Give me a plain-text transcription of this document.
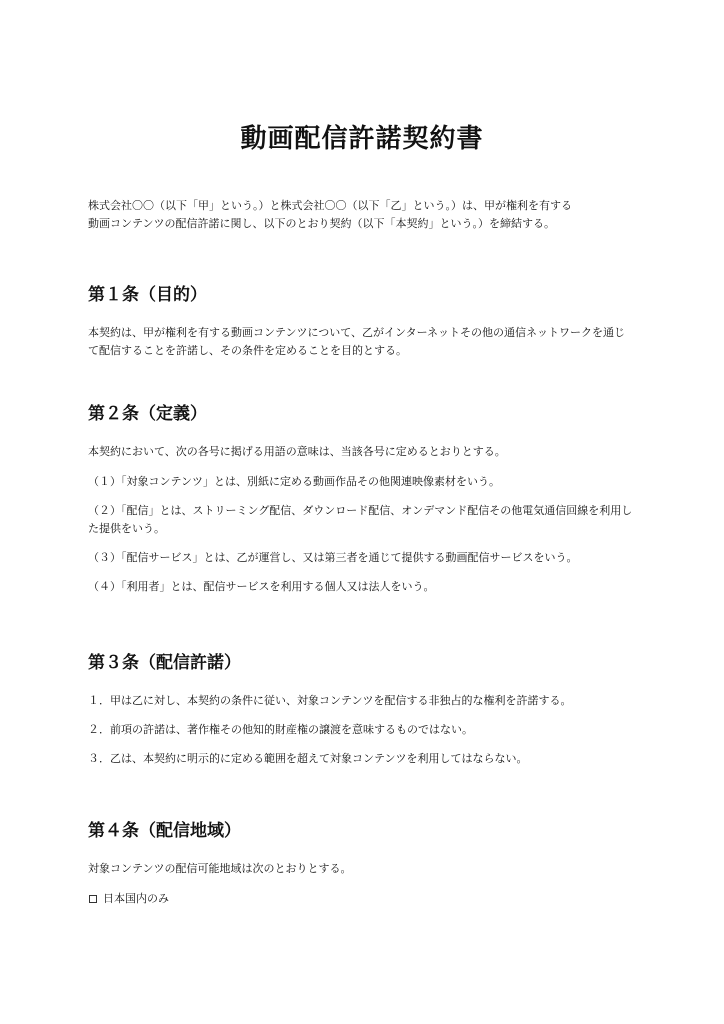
動画配信許諾契約書
株式会社〇〇（以下「甲」という。）と株式会社〇〇（以下「乙」という。）は、甲が権利を有する
動画コンテンツの配信許諾に関し、以下のとおり契約（以下「本契約」という。）を締結する。
第１条（目的）

本契約は、甲が権利を有する動画コンテンツについて、乙がインターネットその他の通信ネットワークを通じて配信することを許諾し、その条件を定めることを目的とする。

第２条（定義）

本契約において、次の各号に掲げる用語の意味は、当該各号に定めるとおりとする。

（１）「対象コンテンツ」とは、別紙に定める動画作品その他関連映像素材をいう。

（２）「配信」とは、ストリーミング配信、ダウンロード配信、オンデマンド配信その他電気通信回線を利用した提供をいう。

（３）「配信サービス」とは、乙が運営し、又は第三者を通じて提供する動画配信サービスをいう。

（４）「利用者」とは、配信サービスを利用する個人又は法人をいう。

第３条（配信許諾）

１．甲は乙に対し、本契約の条件に従い、対象コンテンツを配信する非独占的な権利を許諾する。

２．前項の許諾は、著作権その他知的財産権の譲渡を意味するものではない。

３．乙は、本契約に明示的に定める範囲を超えて対象コンテンツを利用してはならない。

第４条（配信地域）

対象コンテンツの配信可能地域は次のとおりとする。

日本国内のみ
